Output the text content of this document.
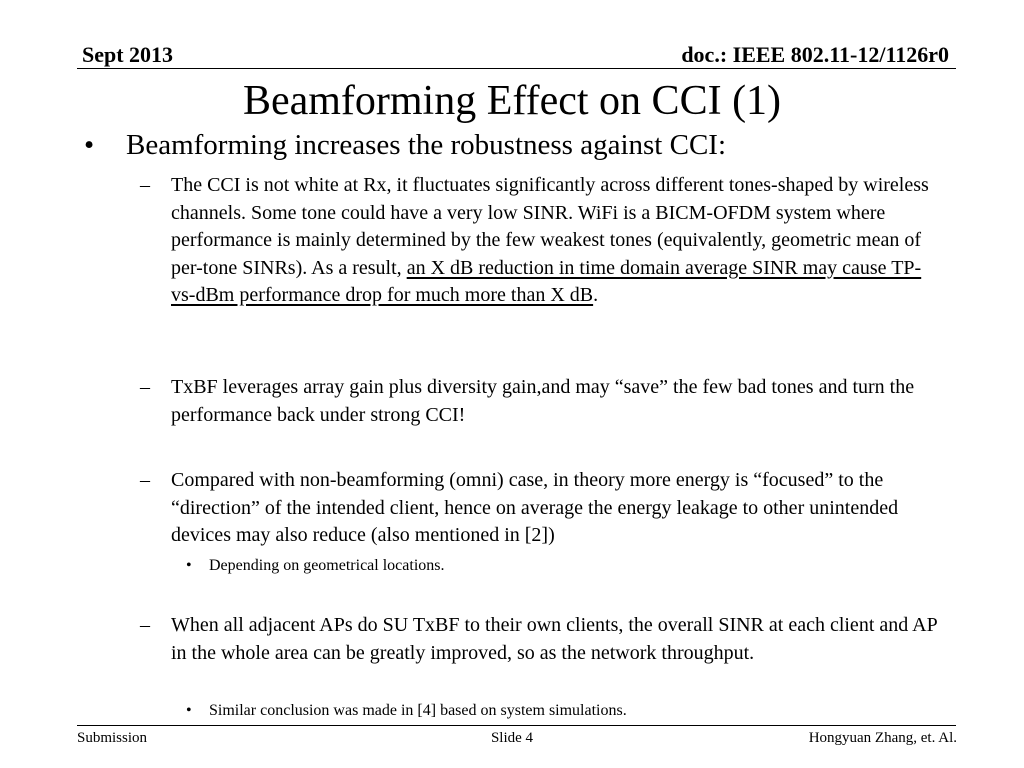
Sept 2013	doc.: IEEE 802.11-12/1126r0
Beamforming Effect on CCI (1)
• Beamforming increases the robustness against CCI:
– The CCI is not white at Rx, it fluctuates significantly across different tones-shaped by wireless channels. Some tone could have a very low SINR. WiFi is a BICM-OFDM system where performance is mainly determined by the few weakest tones (equivalently, geometric mean of per-tone SINRs). As a result, an X dB reduction in time domain average SINR may cause TP-vs-dBm performance drop for much more than X dB.
– TxBF leverages array gain plus diversity gain,and may “save” the few bad tones and turn the performance back under strong CCI!
– Compared with non-beamforming (omni) case, in theory more energy is “focused” to the “direction” of the intended client, hence on average the energy leakage to other unintended devices may also reduce (also mentioned in [2])
• Depending on geometrical locations.
– When all adjacent APs do SU TxBF to their own clients, the overall SINR at each client and AP in the whole area can be greatly improved, so as the network throughput.
• Similar conclusion was made in [4] based on system simulations.
Submission	Slide 4	Hongyuan Zhang, et. Al.
